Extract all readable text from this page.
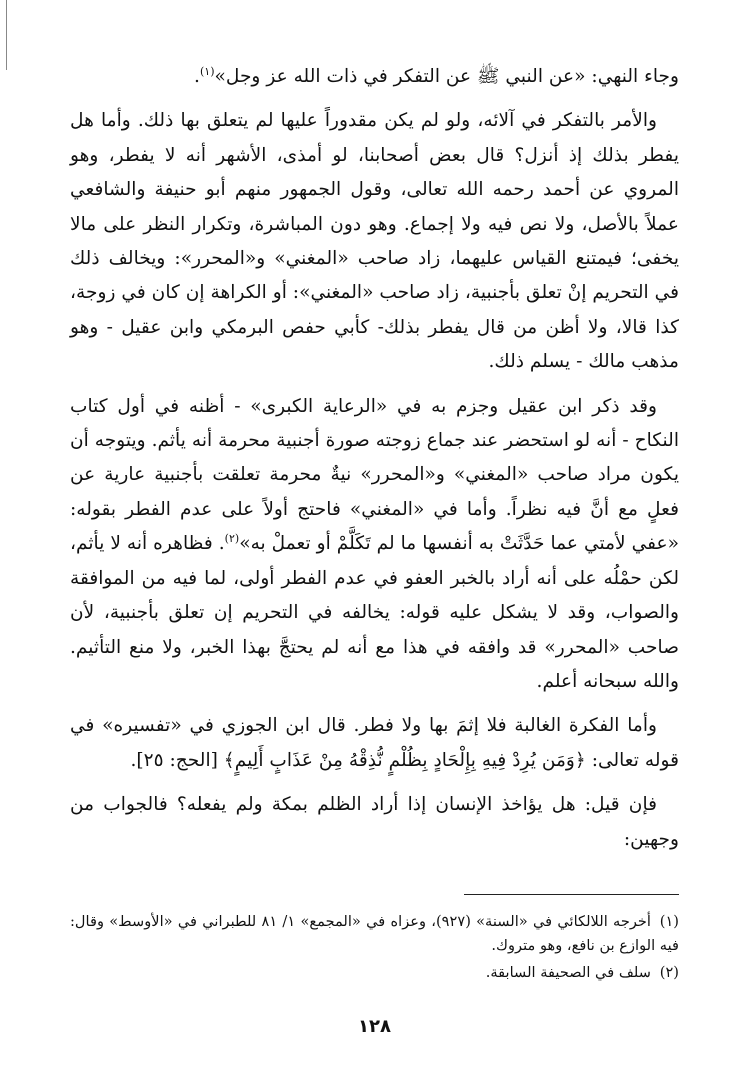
وجاء النهي: «عن النبي ﷺ عن التفكر في ذات الله عز وجل»$^{(١)}$.

والأمر بالتفكر في آلائه، ولو لم يكن مقدوراً عليها لم يتعلق بها ذلك. وأما هل يفطر بذلك إذ أنزل؟ قال بعض أصحابنا، لو أمذى، الأشهر أنه لا يفطر، وهو المروي عن أحمد رحمه الله تعالى، وقول الجمهور منهم أبو حنيفة والشافعي عملاً بالأصل، ولا نص فيه ولا إجماع. وهو دون المباشرة، وتكرار النظر على مالا يخفى؛ فيمتنع القياس عليهما، زاد صاحب «المغني» و«المحرر»: ويخالف ذلك في التحريم إنْ تعلق بأجنبية، زاد صاحب «المغني»: أو الكراهة إن كان في زوجة، كذا قالا، ولا أظن من قال يفطر بذلك- كأبي حفص البرمكي وابن عقيل - وهو مذهب مالك - يسلم ذلك.

وقد ذكر ابن عقيل وجزم به في «الرعاية الكبرى» - أظنه في أول كتاب النكاح - أنه لو استحضر عند جماع زوجته صورة أجنبية محرمة أنه يأثم. ويتوجه أن يكون مراد صاحب «المغني» و«المحرر» نيةٌ محرمة تعلقت بأجنبية عارية عن فعلٍ مع أنَّ فيه نظراً. وأما في «المغني» فاحتج أولاً على عدم الفطر بقوله: «عفي لأمتي عما حَدَّثَتْ به أنفسها ما لم تَكَلَّمْ أو تعملْ به»$^{(٢)}$. فظاهره أنه لا يأثم، لكن حمْلُه على أنه أراد بالخبر العفو في عدم الفطر أولى، لما فيه من الموافقة والصواب، وقد لا يشكل عليه قوله: يخالفه في التحريم إن تعلق بأجنبية، لأن صاحب «المحرر» قد وافقه في هذا مع أنه لم يحتجَّ بهذا الخبر، ولا منع التأثيم. والله سبحانه أعلم.

وأما الفكرة الغالبة فلا إثمَ بها ولا فطر. قال ابن الجوزي في «تفسيره» في قوله تعالى: ﴿وَمَن يُرِدْ فِيهِ بِإِلْحَادٍ بِظُلْمٍ نُّذِقْهُ مِنْ عَذَابٍ أَلِيمٍ﴾ [الحج: ٢٥].

فإن قيل: هل يؤاخذ الإنسان إذا أراد الظلم بمكة ولم يفعله؟ فالجواب من وجهين:

(١)أخرجه اللالكائي في «السنة» (٩٢٧)، وعزاه في «المجمع» ١/ ٨١ للطبراني في «الأوسط» وقال: فيه الوازع بن نافع، وهو متروك.

(٢)سلف في الصحيفة السابقة.

١٢٨
